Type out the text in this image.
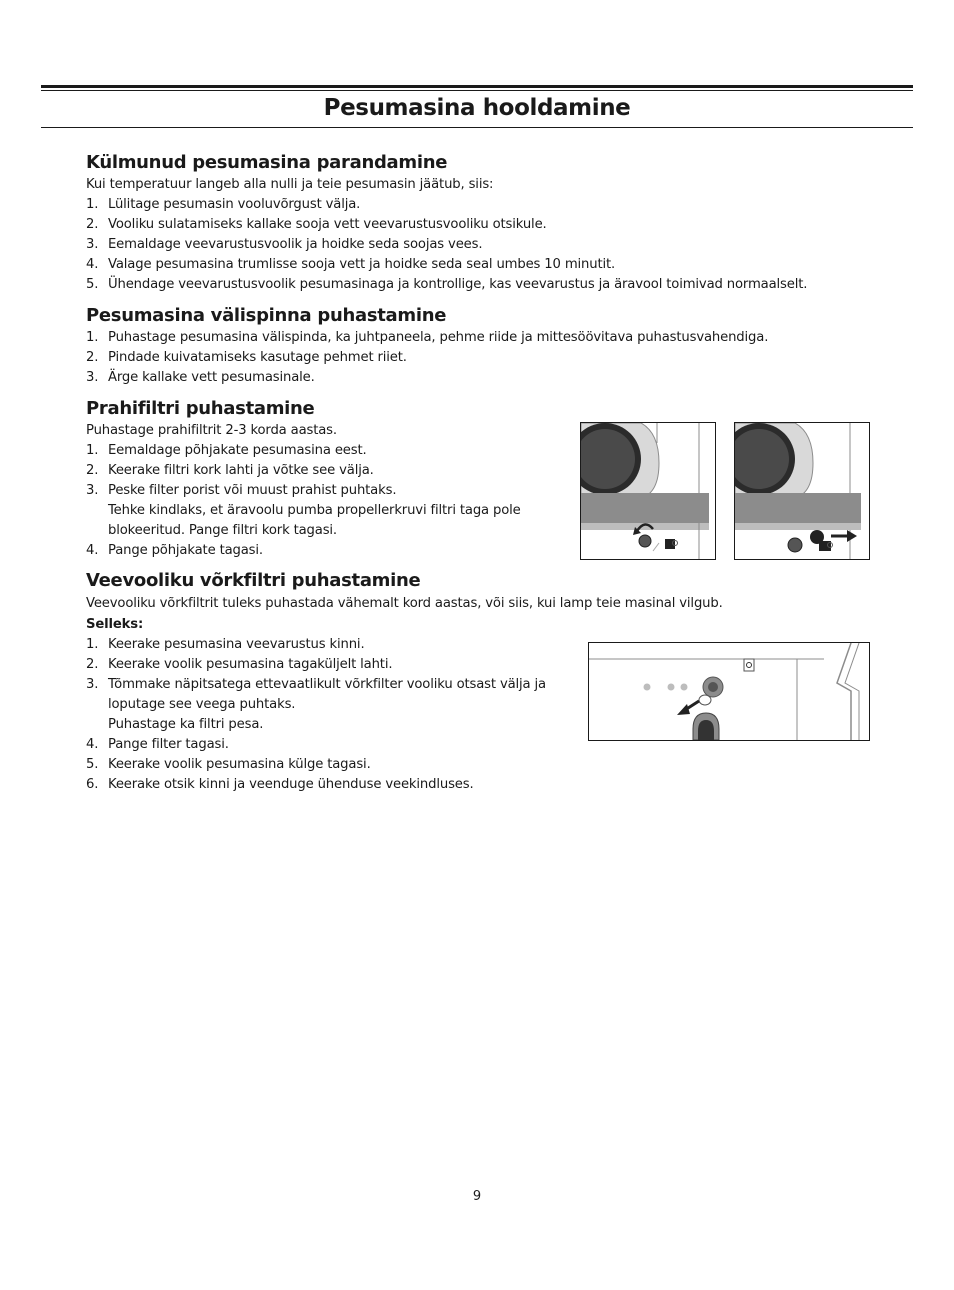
Pesumasina hooldamine
Külmunud pesumasina parandamine

Kui temperatuur langeb alla nulli ja teie pesumasin jäätub, siis:

1. Lülitage pesumasin vooluvõrgust välja.
2. Vooliku sulatamiseks kallake sooja vett veevarustusvooliku otsikule.
3. Eemaldage veevarustusvoolik ja hoidke seda soojas vees.
4. Valage pesumasina trumlisse sooja vett ja hoidke seda seal umbes 10 minutit.
5. Ühendage veevarustusvoolik pesumasinaga ja kontrollige, kas veevarustus ja äravool toimivad normaalselt.
Pesumasina välispinna puhastamine
1. Puhastage pesumasina välispinda, ka juhtpaneela, pehme riide ja mittesöövitava puhastusvahendiga.
2. Pindade kuivatamiseks kasutage pehmet riiet.
3. Ärge kallake vett pesumasinale.
Prahifiltri puhastamine

Puhastage prahifiltrit 2-3 korda aastas.

1. Eemaldage põhjakate pesumasina eest.
2. Keerake filtri kork lahti ja võtke see välja.
3. Peske filter porist või muust prahist puhtaks.
Tehke kindlaks, et äravoolu pumba propellerkruvi filtri taga pole blokeeritud. Pange filtri kork tagasi.
4. Pange põhjakate tagasi.
Veevooliku võrkfiltri puhastamine

Veevooliku võrkfiltrit tuleks puhastada vähemalt kord aastas, või siis, kui lamp teie masinal vilgub.

Selleks:

1. Keerake pesumasina veevarustus kinni.
2. Keerake voolik pesumasina tagaküljelt lahti.
3. Tõmmake näpitsatega ettevaatlikult võrkfilter vooliku otsast välja ja loputage see veega puhtaks.
Puhastage ka filtri pesa.
4. Pange filter tagasi.
5. Keerake voolik pesumasina külge tagasi.
6. Keerake otsik kinni ja veenduge ühenduse veekindluses.
9
